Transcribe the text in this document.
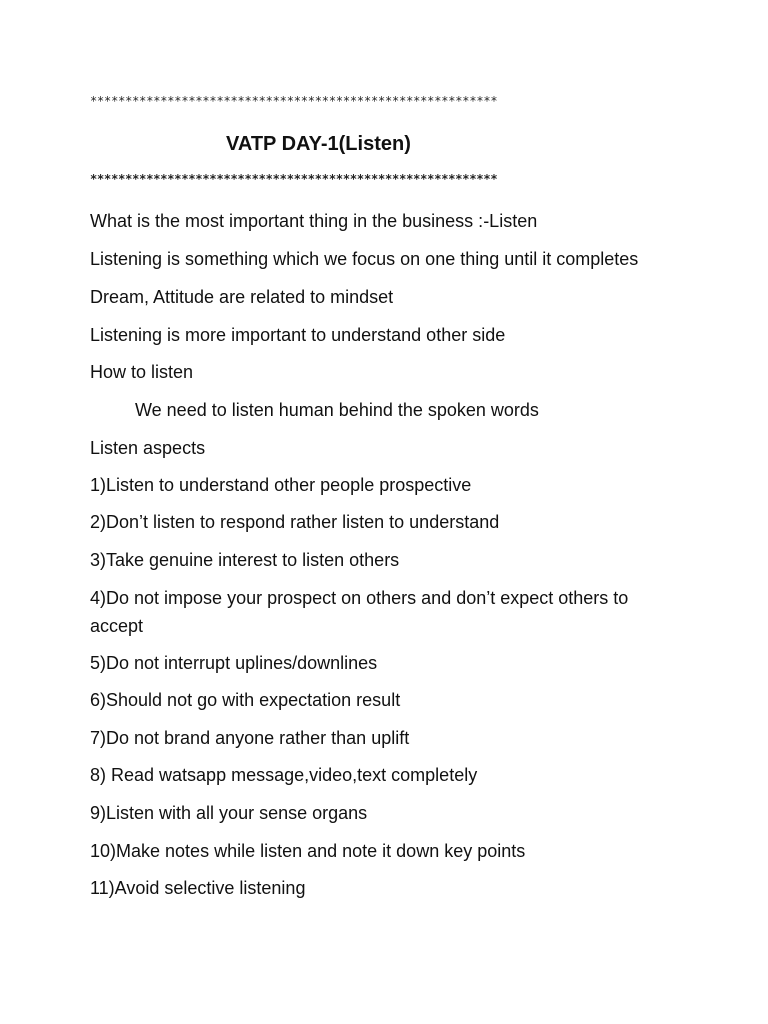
**********************************************************
VATP DAY-1(Listen)
**********************************************************
What is the most important thing in the business :-Listen
Listening is something which we focus on one thing until it completes
Dream, Attitude are related to mindset
Listening is more important to understand other side
How to listen
We need to listen human behind the spoken words
Listen aspects
1)Listen to understand other people prospective
2)Don’t listen to respond rather listen to understand
3)Take genuine interest to listen others
4)Do not impose your prospect on others and don’t expect others to accept
5)Do not interrupt uplines/downlines
6)Should not go with expectation result
7)Do not brand anyone rather than uplift
8) Read watsapp message,video,text completely
9)Listen with all your sense organs
10)Make notes while listen and note it down key points
11)Avoid selective listening
